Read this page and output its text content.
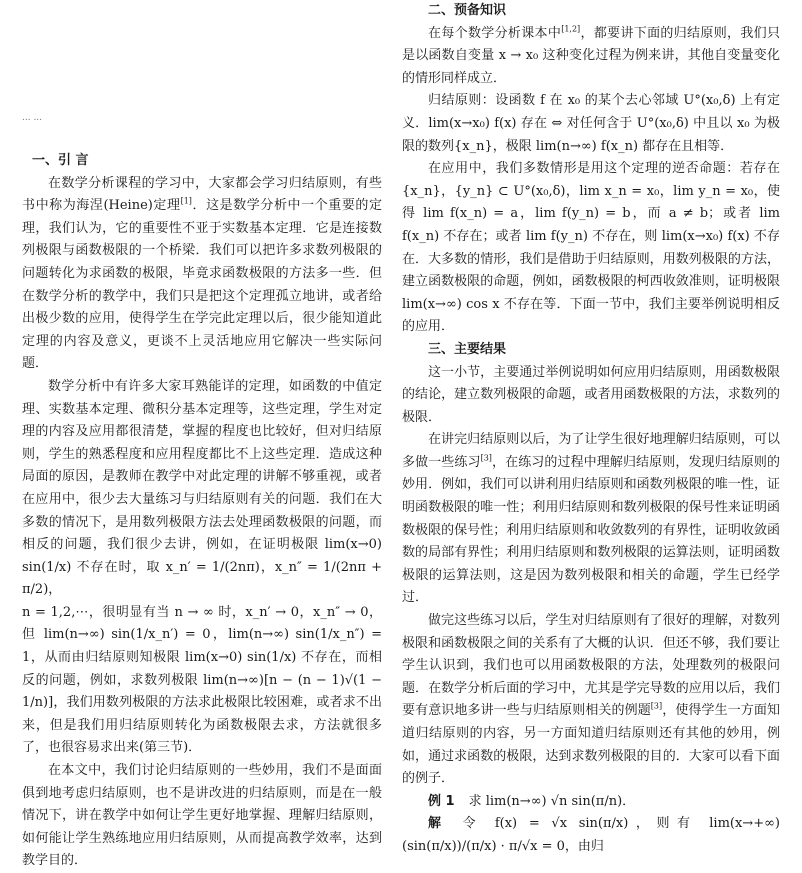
... ...
一、引 言

在数学分析课程的学习中，大家都会学习归结原则，有些书中称为海涅(Heine)定理[1]．这是数学分析中一个重要的定理，我们认为，它的重要性不亚于实数基本定理．它是连接数列极限与函数极限的一个桥梁．我们可以把许多求数列极限的问题转化为求函数的极限，毕竟求函数极限的方法多一些．但在数学分析的教学中，我们只是把这个定理孤立地讲，或者给出极少数的应用，使得学生在学完此定理以后，很少能知道此定理的内容及意义，更谈不上灵活地应用它解决一些实际问题．

数学分析中有许多大家耳熟能详的定理，如函数的中值定理、实数基本定理、微积分基本定理等，这些定理，学生对定理的内容及应用都很清楚，掌握的程度也比较好，但对归结原则，学生的熟悉程度和应用程度都比不上这些定理．造成这种局面的原因，是教师在教学中对此定理的讲解不够重视，或者在应用中，很少去大量练习与归结原则有关的问题．我们在大多数的情况下，是用数列极限方法去处理函数极限的问题，而相反的问题，我们很少去讲，例如，在证明极限 lim(x→0) sin(1/x) 不存在时，取 x_n′ = 1/(2nπ)，x_n″ = 1/(2nπ + π/2)，

n = 1,2,⋯，很明显有当 n → ∞ 时，x_n′ → 0，x_n″ → 0，但 lim(n→∞) sin(1/x_n′) = 0，lim(n→∞) sin(1/x_n″) = 1，从而由归结原则知极限 lim(x→0) sin(1/x) 不存在，而相反的问题，例如，求数列极限 lim(n→∞)[n − (n − 1)√(1 − 1/n)]，我们用数列极限的方法求此极限比较困难，或者求不出来，但是我们用归结原则转化为函数极限去求，方法就很多了，也很容易求出来(第三节)．

在本文中，我们讨论归结原则的一些妙用，我们不是面面俱到地考虑归结原则，也不是讲改进的归结原则，而是在一般情况下，讲在教学中如何让学生更好地掌握、理解归结原则，如何能让学生熟练地应用归结原则，从而提高教学效率，达到教学目的．

二、预备知识

在每个数学分析课本中[1,2]，都要讲下面的归结原则，我们只是以函数自变量 x → x₀ 这种变化过程为例来讲，其他自变量变化的情形同样成立．

归结原则：设函数 f 在 x₀ 的某个去心邻域 U°(x₀,δ) 上有定义．lim(x→x₀) f(x) 存在 ⇔ 对任何含于 U°(x₀,δ) 中且以 x₀ 为极限的数列{x_n}，极限 lim(n→∞) f(x_n) 都存在且相等．

在应用中，我们多数情形是用这个定理的逆否命题：若存在{x_n}，{y_n} ⊂ U°(x₀,δ)，lim x_n = x₀，lim y_n = x₀，使得 lim f(x_n) = a，lim f(y_n) = b，而 a ≠ b；或者 lim f(x_n) 不存在；或者 lim f(y_n) 不存在，则 lim(x→x₀) f(x) 不存在．大多数的情形，我们是借助于归结原则，用数列极限的方法，建立函数极限的命题，例如，函数极限的柯西收敛准则，证明极限 lim(x→∞) cos x 不存在等．下面一节中，我们主要举例说明相反的应用．

三、主要结果

这一小节，主要通过举例说明如何应用归结原则，用函数极限的结论，建立数列极限的命题，或者用函数极限的方法，求数列的极限．

在讲完归结原则以后，为了让学生很好地理解归结原则，可以多做一些练习[3]，在练习的过程中理解归结原则，发现归结原则的妙用．例如，我们可以讲利用归结原则和函数列极限的唯一性，证明函数极限的唯一性；利用归结原则和数列极限的保号性来证明函数极限的保号性；利用归结原则和收敛数列的有界性，证明收敛函数的局部有界性；利用归结原则和数列极限的运算法则，证明函数极限的运算法则，这是因为数列极限和相关的命题，学生已经学过．

做完这些练习以后，学生对归结原则有了很好的理解，对数列极限和函数极限之间的关系有了大概的认识．但还不够，我们要让学生认识到，我们也可以用函数极限的方法，处理数列的极限问题．在数学分析后面的学习中，尤其是学完导数的应用以后，我们要有意识地多讲一些与归结原则相关的例题[3]，使得学生一方面知道归结原则的内容，另一方面知道归结原则还有其他的妙用，例如，通过求函数的极限，达到求数列极限的目的．大家可以看下面的例子．

例 1 求 lim(n→∞) √n sin(π/n)．

解 令 f(x) = √x sin(π/x)，则有 lim(x→+∞) (sin(π/x))/(π/x) · π/√x = 0，由归
